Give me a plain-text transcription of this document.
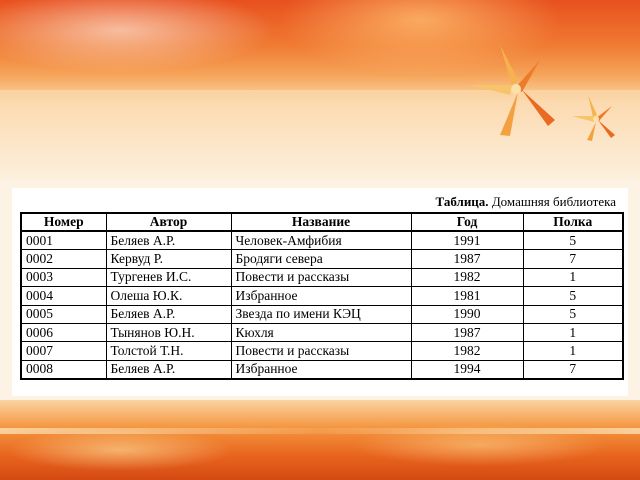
Таблица. Домашняя библиотека
Номер	Автор	Название	Год	Полка
0001	Беляев А.Р.	Человек-Амфибия	1991	5
0002	Кервуд Р.	Бродяги севера	1987	7
0003	Тургенев И.С.	Повести и рассказы	1982	1
0004	Олеша Ю.К.	Избранное	1981	5
0005	Беляев А.Р.	Звезда по имени КЭЦ	1990	5
0006	Тынянов Ю.Н.	Кюхля	1987	1
0007	Толстой Т.Н.	Повести и рассказы	1982	1
0008	Беляев А.Р.	Избранное	1994	7
